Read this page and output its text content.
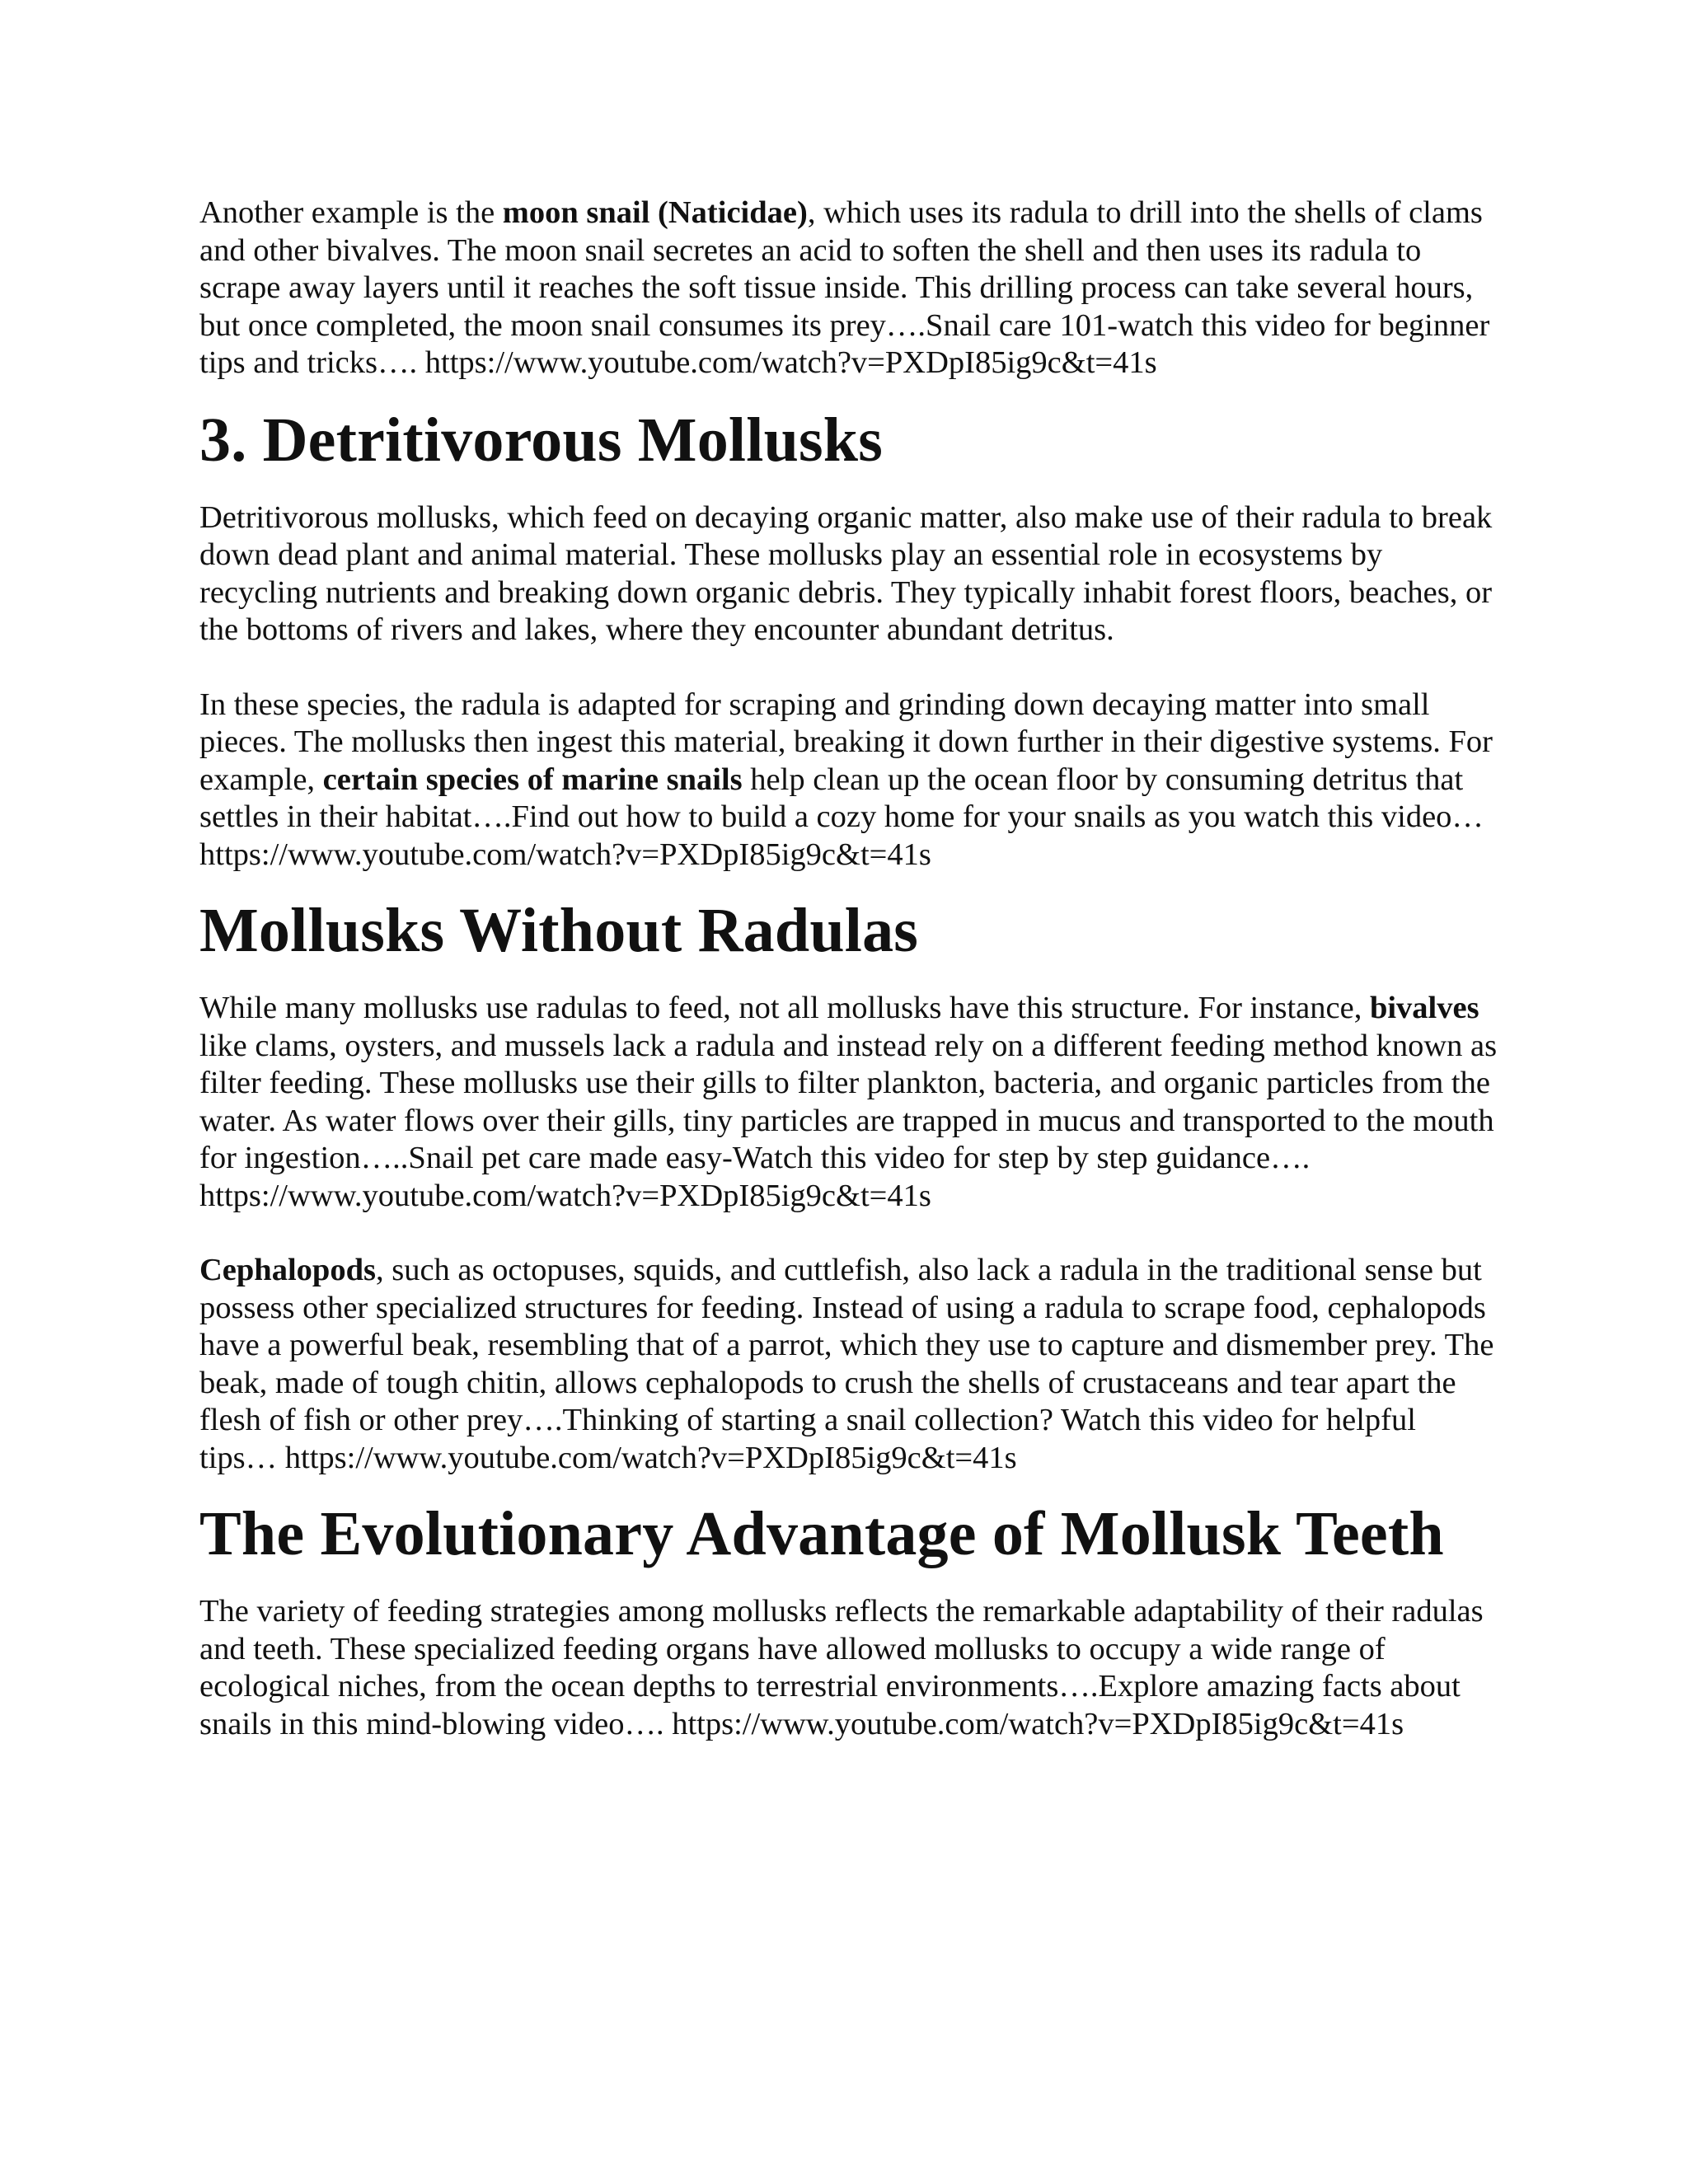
Another example is the moon snail (Naticidae), which uses its radula to drill into the shells of clams and other bivalves. The moon snail secretes an acid to soften the shell and then uses its radula to scrape away layers until it reaches the soft tissue inside. This drilling process can take several hours, but once completed, the moon snail consumes its prey….Snail care 101-watch this video for beginner tips and tricks…. https://www.youtube.com/watch?v=PXDpI85ig9c&t=41s

3. Detritivorous Mollusks

Detritivorous mollusks, which feed on decaying organic matter, also make use of their radula to break down dead plant and animal material. These mollusks play an essential role in ecosystems by recycling nutrients and breaking down organic debris. They typically inhabit forest floors, beaches, or the bottoms of rivers and lakes, where they encounter abundant detritus.

In these species, the radula is adapted for scraping and grinding down decaying matter into small pieces. The mollusks then ingest this material, breaking it down further in their digestive systems. For example, certain species of marine snails help clean up the ocean floor by consuming detritus that settles in their habitat….Find out how to build a cozy home for your snails as you watch this video… https://www.youtube.com/watch?v=PXDpI85ig9c&t=41s

Mollusks Without Radulas

While many mollusks use radulas to feed, not all mollusks have this structure. For instance, bivalves like clams, oysters, and mussels lack a radula and instead rely on a different feeding method known as filter feeding. These mollusks use their gills to filter plankton, bacteria, and organic particles from the water. As water flows over their gills, tiny particles are trapped in mucus and transported to the mouth for ingestion…..Snail pet care made easy-Watch this video for step by step guidance…. https://www.youtube.com/watch?v=PXDpI85ig9c&t=41s

Cephalopods, such as octopuses, squids, and cuttlefish, also lack a radula in the traditional sense but possess other specialized structures for feeding. Instead of using a radula to scrape food, cephalopods have a powerful beak, resembling that of a parrot, which they use to capture and dismember prey. The beak, made of tough chitin, allows cephalopods to crush the shells of crustaceans and tear apart the flesh of fish or other prey….Thinking of starting a snail collection? Watch this video for helpful tips… https://www.youtube.com/watch?v=PXDpI85ig9c&t=41s

The Evolutionary Advantage of Mollusk Teeth

The variety of feeding strategies among mollusks reflects the remarkable adaptability of their radulas and teeth. These specialized feeding organs have allowed mollusks to occupy a wide range of ecological niches, from the ocean depths to terrestrial environments….Explore amazing facts about snails in this mind-blowing video…. https://www.youtube.com/watch?v=PXDpI85ig9c&t=41s
